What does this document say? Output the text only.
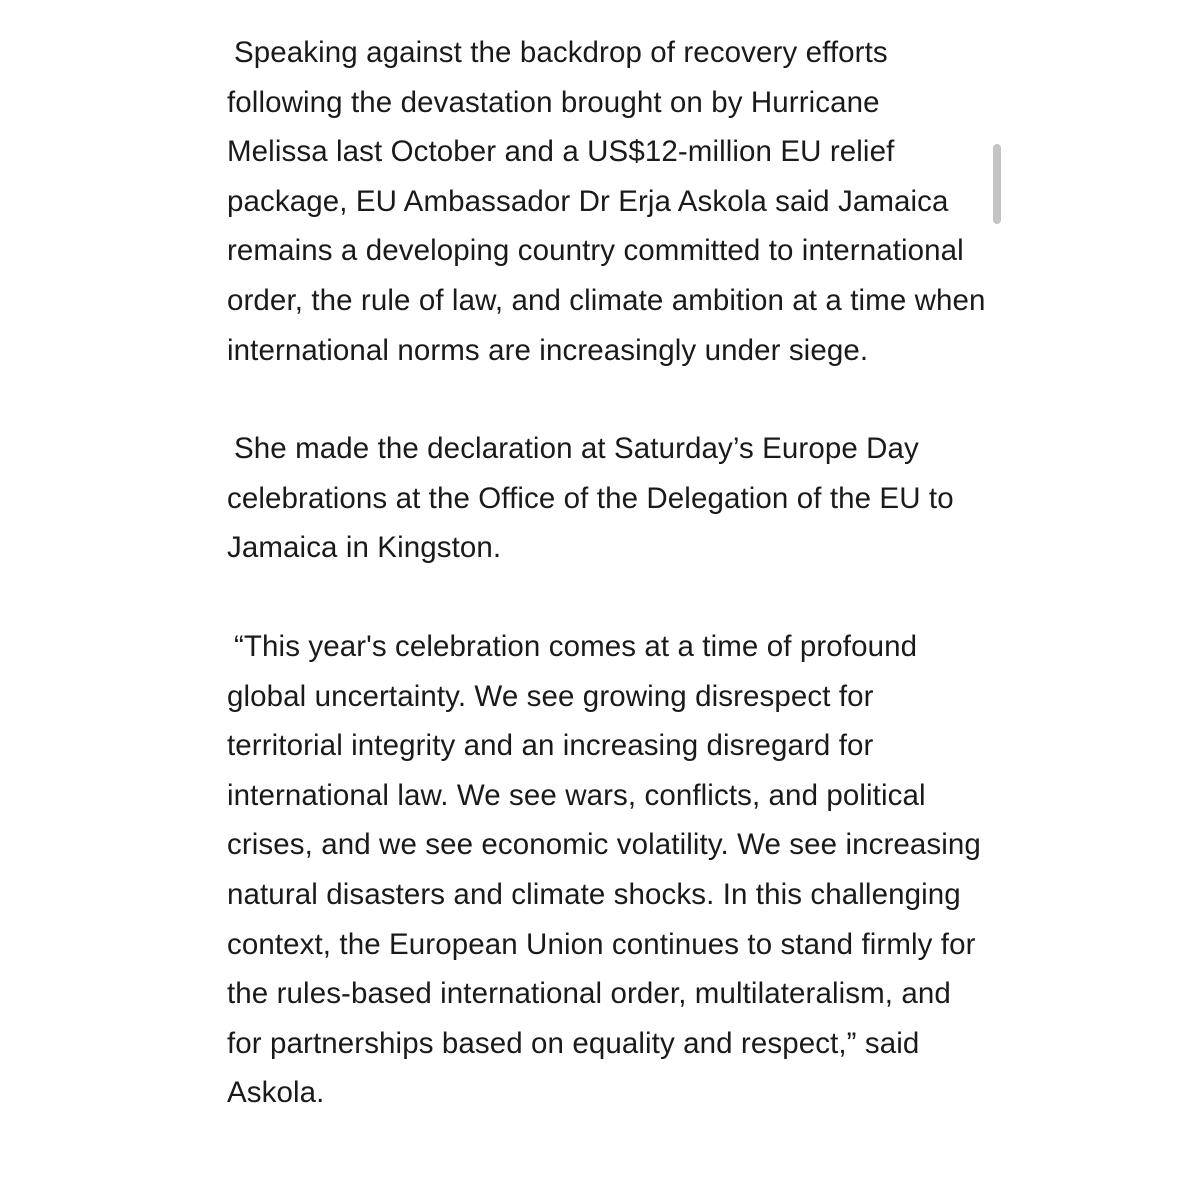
Speaking against the backdrop of recovery efforts following the devastation brought on by Hurricane Melissa last October and a US$12-million EU relief package, EU Ambassador Dr Erja Askola said Jamaica remains a developing country committed to international order, the rule of law, and climate ambition at a time when international norms are increasingly under siege.

She made the declaration at Saturday’s Europe Day celebrations at the Office of the Delegation of the EU to Jamaica in Kingston.

“This year's celebration comes at a time of profound global uncertainty. We see growing disrespect for territorial integrity and an increasing disregard for international law. We see wars, conflicts, and political crises, and we see economic volatility. We see increasing natural disasters and climate shocks. In this challenging context, the European Union continues to stand firmly for the rules-based international order, multilateralism, and for partnerships based on equality and respect,” said Askola.
